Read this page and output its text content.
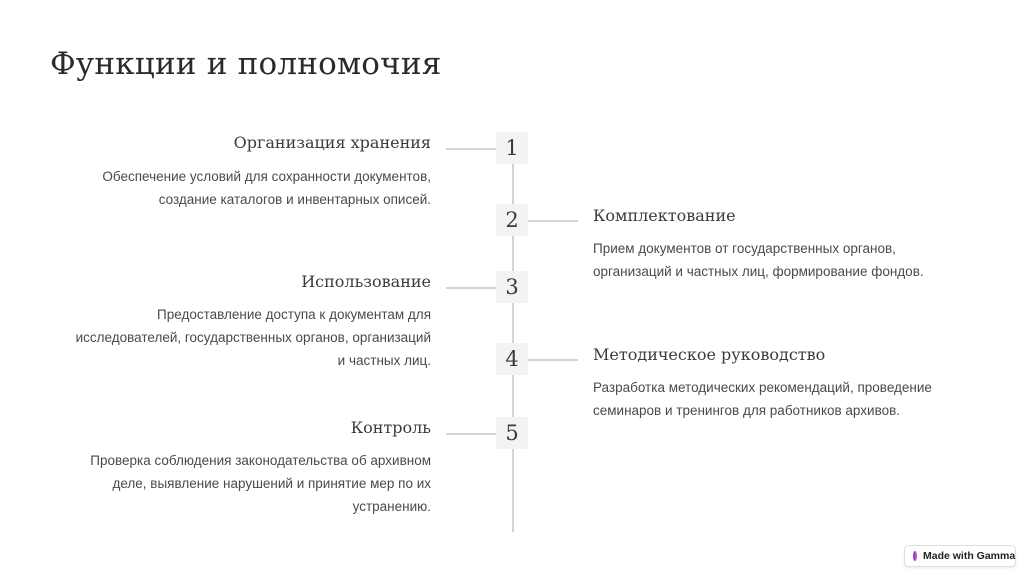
Функции и полномочия
1
Организация хранения
Обеспечение условий для сохранности документов,
создание каталогов и инвентарных описей.
2	Комплектование
Прием документов от государственных органов,
организаций и частных лиц, формирование фондов.
3
Использование
Предоставление доступа к документам для
исследователей, государственных органов, организаций
и частных лиц.	4	Методическое руководство
Разработка методических рекомендаций, проведение
семинаров и тренингов для работников архивов.
5
Контроль
Проверка соблюдения законодательства об архивном
деле, выявление нарушений и принятие мер по их
устранению.
Made with Gamma
